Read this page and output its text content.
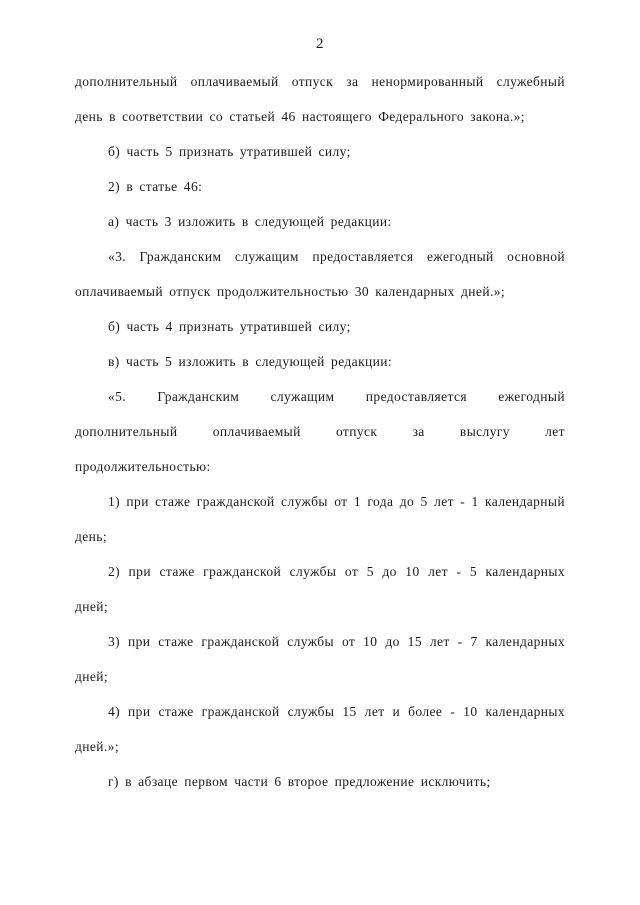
2
дополнительный оплачиваемый отпуск за ненормированный служебный
день в соответствии со статьей 46 настоящего Федерального закона.»;
б) часть 5 признать утратившей силу;
2) в статье 46:
а) часть 3 изложить в следующей редакции:
«3. Гражданским служащим предоставляется ежегодный основной
оплачиваемый отпуск продолжительностью 30 календарных дней.»;
б) часть 4 признать утратившей силу;
в) часть 5 изложить в следующей редакции:
«5. Гражданским служащим предоставляется ежегодный
дополнительный оплачиваемый отпуск за выслугу лет
продолжительностью:
1) при стаже гражданской службы от 1 года до 5 лет - 1 календарный
день;
2) при стаже гражданской службы от 5 до 10 лет - 5 календарных
дней;
3) при стаже гражданской службы от 10 до 15 лет - 7 календарных
дней;
4) при стаже гражданской службы 15 лет и более - 10 календарных
дней.»;
г) в абзаце первом части 6 второе предложение исключить;
